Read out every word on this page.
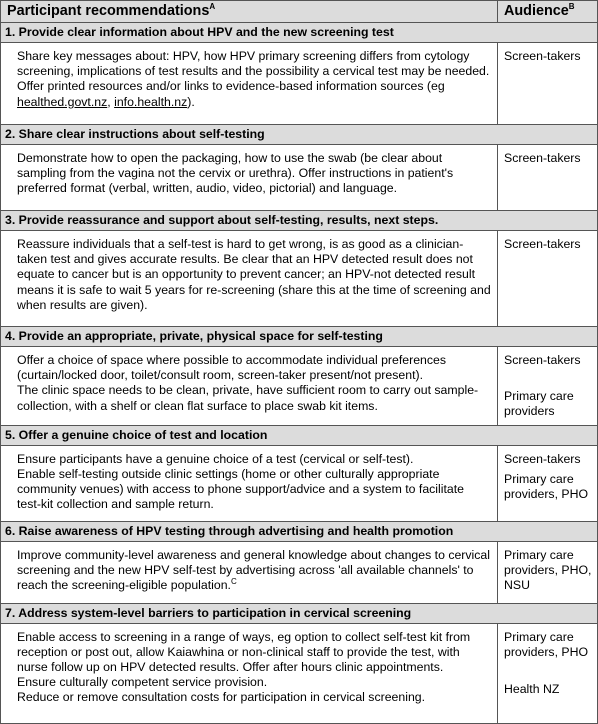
Participant recommendations$^A$	Audience$^B$
1. Provide clear information about HPV and the new screening test	
Share key messages about: HPV, how HPV primary screening differs from cytology screening, implications of test results and the possibility a cervical test may be needed. Offer printed resources and/or links to evidence-based information sources (eg healthed.govt.nz, info.health.nz).	Screen-takers

2. Share clear instructions about self-testing	
Demonstrate how to open the packaging, how to use the swab (be clear about sampling from the vagina not the cervix or urethra). Offer instructions in patient's preferred format (verbal, written, audio, video, pictorial) and language.	Screen-takers

3. Provide reassurance and support about self-testing, results, next steps.	
Reassure individuals that a self-test is hard to get wrong, is as good as a clinician-taken test and gives accurate results. Be clear that an HPV detected result does not equate to cancer but is an opportunity to prevent cancer; an HPV-not detected result means it is safe to wait 5 years for re-screening (share this at the time of screening and when results are given).	Screen-takers

4. Provide an appropriate, private, physical space for self-testing	

Offer a choice of space where possible to accommodate individual preferences (curtain/locked door, toilet/consult room, screen-taker present/not present).
The clinic space needs to be clean, private, have sufficient room to carry out sample-collection, with a shelf or clean flat surface to place swab kit items.	Screen-takers
Primary care providers

5. Offer a genuine choice of test and location	

Ensure participants have a genuine choice of a test (cervical or self-test).
Enable self-testing outside clinic settings (home or other culturally appropriate community venues) with access to phone support/advice and a system to facilitate test-kit collection and sample return.	Screen-takers
Primary care providers, PHO

6. Raise awareness of HPV testing through advertising and health promotion	
Improve community-level awareness and general knowledge about changes to cervical screening and the new HPV self-test by advertising across 'all available channels' to reach the screening-eligible population.$^C$	Primary care providers, PHO, NSU

7. Address system-level barriers to participation in cervical screening	

Enable access to screening in a range of ways, eg option to collect self-test kit from reception or post out, allow Kaiawhina or non-clinical staff to provide the test, with nurse follow up on HPV detected results. Offer after hours clinic appointments.
Ensure culturally competent service provision.
Reduce or remove consultation costs for participation in cervical screening.	Primary care providers, PHO
Health NZ
